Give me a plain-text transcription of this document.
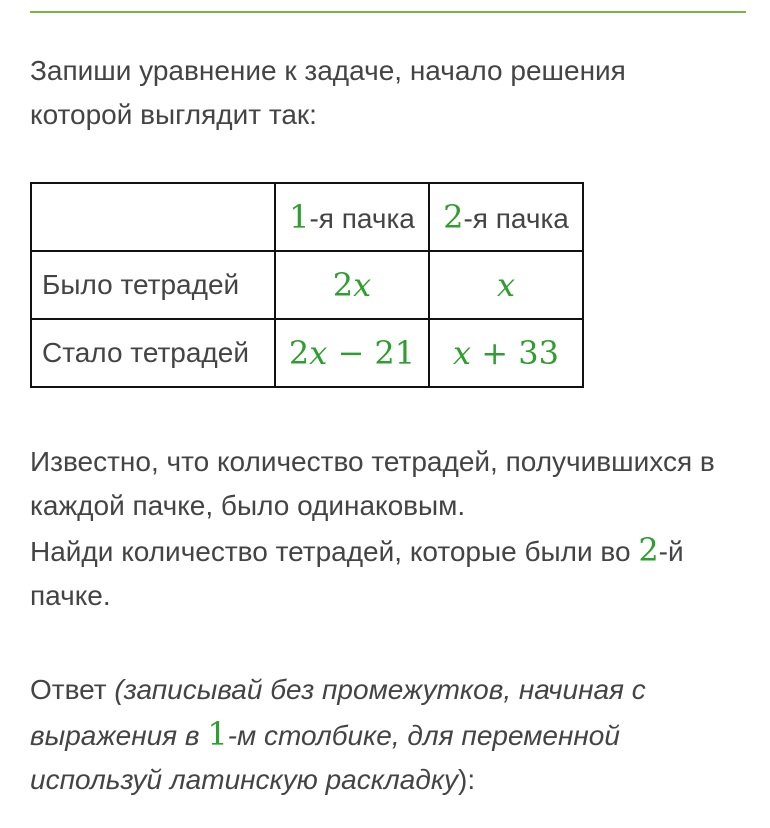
Запиши уравнение к задаче, начало решения которой выглядит так:
	1-я пачка	2-я пачка
Было тетрадей	2x	x
Стало тетрадей	2x − 21	x + 33
Известно, что количество тетрадей, получившихся в каждой пачке, было одинаковым.
Найди количество тетрадей, которые были во 2-й пачке.
Ответ (записывай без промежутков, начиная с выражения в 1-м столбике, для переменной используй латинскую раскладку):
